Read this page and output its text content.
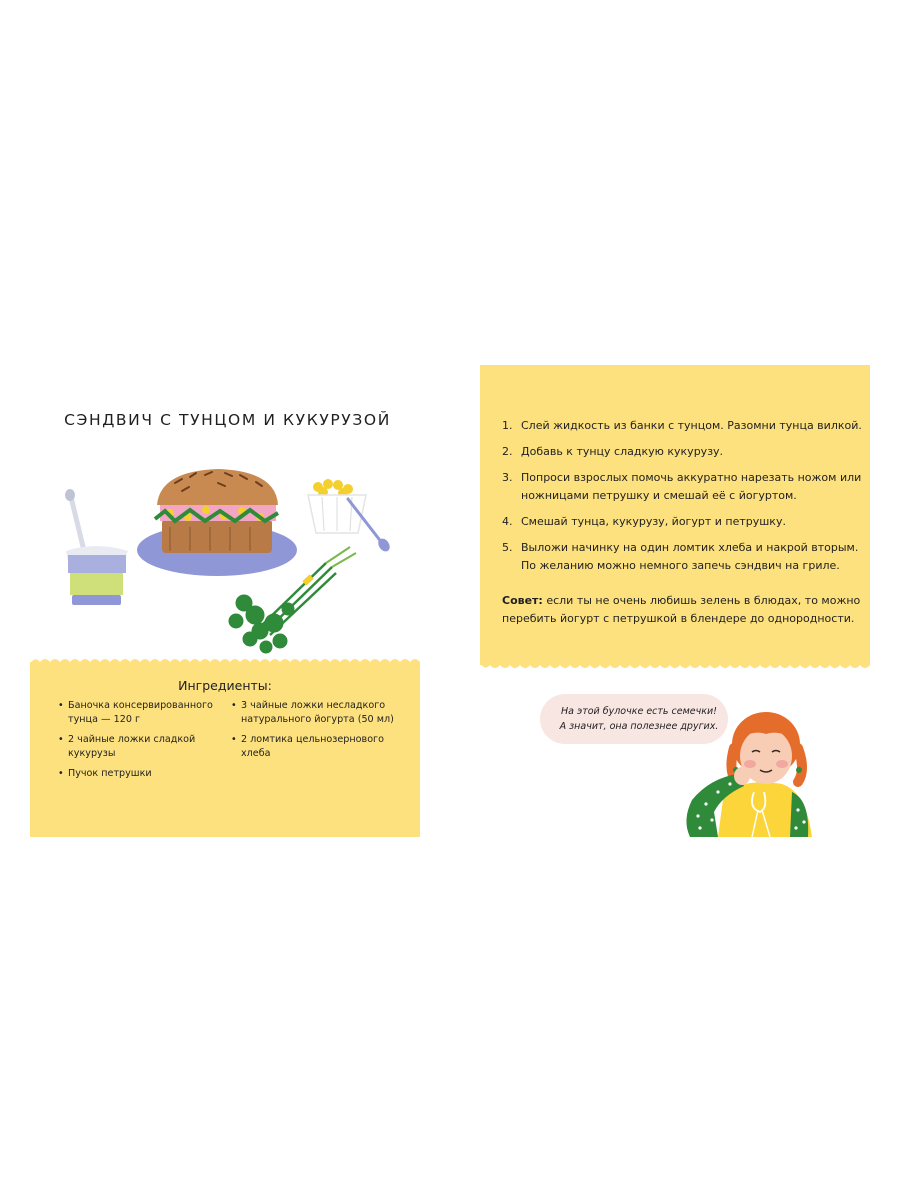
СЭНДВИЧ С ТУНЦОМ И КУКУРУЗОЙ
Ингредиенты:
• Баночка консервированного тунца — 120 г
• 2 чайные ложки сладкой кукурузы
• Пучок петрушки
• 3 чайные ложки несладкого натурального йогурта (50 мл)
• 2 ломтика цельнозернового хлеба
1. Слей жидкость из банки с тунцом. Разомни тунца вилкой.
2. Добавь к тунцу сладкую кукурузу.
3. Попроси взрослых помочь аккуратно нарезать ножом или ножницами петрушку и смешай её с йогуртом.
4. Смешай тунца, кукурузу, йогурт и петрушку.
5. Выложи начинку на один ломтик хлеба и накрой вторым. По желанию можно немного запечь сэндвич на гриле.

Совет: если ты не очень любишь зелень в блюдах, то можно перебить йогурт с петрушкой в блендере до однородности.

На этой булочке есть семечки!
А значит, она полезнее других.
